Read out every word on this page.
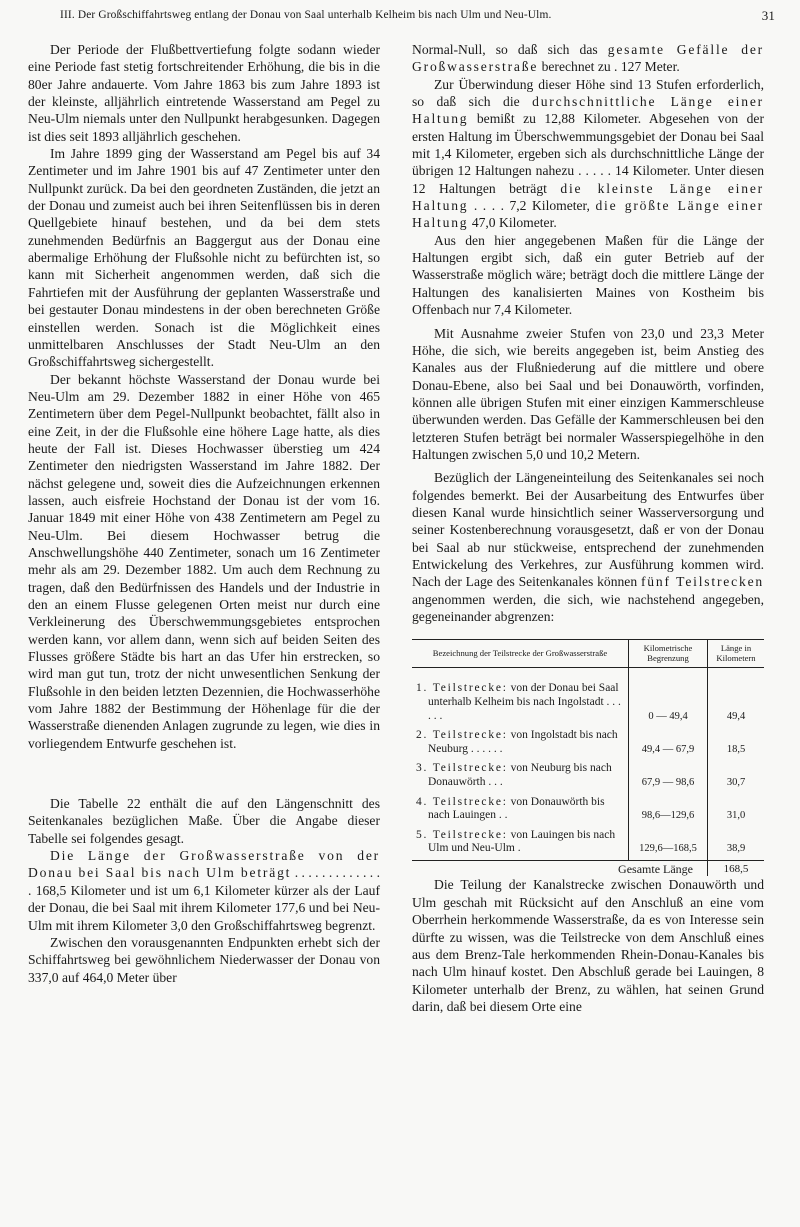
III. Der Großschiffahrtsweg entlang der Donau von Saal unterhalb Kelheim bis nach Ulm und Neu-Ulm.	31

Der Periode der Flußbettvertiefung folgte sodann wieder eine Periode fast stetig fortschreitender Erhöhung, die bis in die 80er Jahre andauerte. Vom Jahre 1863 bis zum Jahre 1893 ist der kleinste, alljährlich eintretende Wasserstand am Pegel zu Neu-Ulm niemals unter den Nullpunkt herabgesunken. Dagegen ist dies seit 1893 alljährlich geschehen.

Im Jahre 1899 ging der Wasserstand am Pegel bis auf 34 Zentimeter und im Jahre 1901 bis auf 47 Zentimeter unter den Nullpunkt zurück. Da bei den geordneten Zuständen, die jetzt an der Donau und zumeist auch bei ihren Seitenflüssen bis in deren Quellgebiete hinauf bestehen, und da bei dem stets zunehmenden Bedürfnis an Baggergut aus der Donau eine abermalige Erhöhung der Flußsohle nicht zu befürchten ist, so kann mit Sicherheit angenommen werden, daß sich die Fahrtiefen mit der Ausführung der geplanten Wasserstraße und bei gestauter Donau mindestens in der oben berechneten Größe einstellen werden. Sonach ist die Möglichkeit eines unmittelbaren Anschlusses der Stadt Neu-Ulm an den Großschiffahrtsweg sichergestellt.

Der bekannt höchste Wasserstand der Donau wurde bei Neu-Ulm am 29. Dezember 1882 in einer Höhe von 465 Zentimetern über dem Pegel-Nullpunkt beobachtet, fällt also in eine Zeit, in der die Flußsohle eine höhere Lage hatte, als dies heute der Fall ist. Dieses Hochwasser überstieg um 424 Zentimeter den niedrigsten Wasserstand im Jahre 1882. Der nächst gelegene und, soweit dies die Aufzeichnungen erkennen lassen, auch eisfreie Hochstand der Donau ist der vom 16. Januar 1849 mit einer Höhe von 438 Zentimetern am Pegel zu Neu-Ulm. Bei diesem Hochwasser betrug die Anschwellungshöhe 440 Zentimeter, sonach um 16 Zentimeter mehr als am 29. Dezember 1882. Um auch dem Rechnung zu tragen, daß den Bedürfnissen des Handels und der Industrie in den an einem Flusse gelegenen Orten meist nur durch eine Verkleinerung des Überschwemmungsgebietes entsprochen werden kann, vor allem dann, wenn sich auf beiden Seiten des Flusses größere Städte bis hart an das Ufer hin erstrecken, so wird man gut tun, trotz der nicht unwesentlichen Senkung der Flußsohle in den beiden letzten Dezennien, die Hochwasserhöhe vom Jahre 1882 der Bestimmung der Höhenlage für die der Wasserstraße dienenden Anlagen zugrunde zu legen, wie dies in vorliegendem Entwurfe geschehen ist.

Die Tabelle 22 enthält die auf den Längenschnitt des Seitenkanales bezüglichen Maße. Über die Angabe dieser Tabelle sei folgendes gesagt.

Die Länge der Großwasserstraße von der Donau bei Saal bis nach Ulm beträgt . . . . . . . . . . . . . . 168,5 Kilometer und ist um 6,1 Kilometer kürzer als der Lauf der Donau, die bei Saal mit ihrem Kilometer 177,6 und bei Neu-Ulm mit ihrem Kilometer 3,0 den Großschiffahrtsweg begrenzt.

Zwischen den vorausgenannten Endpunkten erhebt sich der Schiffahrtsweg bei gewöhnlichem Niederwasser der Donau von 337,0 auf 464,0 Meter über

Normal-Null, so daß sich das gesamte Gefälle der Großwasserstraße berechnet zu . 127 Meter.

Zur Überwindung dieser Höhe sind 13 Stufen erforderlich, so daß sich die durchschnittliche Länge einer Haltung bemißt zu 12,88 Kilometer. Abgesehen von der ersten Haltung im Überschwemmungsgebiet der Donau bei Saal mit 1,4 Kilometer, ergeben sich als durchschnittliche Länge der übrigen 12 Haltungen nahezu . . . . . 14 Kilometer. Unter diesen 12 Haltungen beträgt die kleinste Länge einer Haltung . . . . 7,2 Kilometer, die größte Länge einer Haltung 47,0 Kilometer.

Aus den hier angegebenen Maßen für die Länge der Haltungen ergibt sich, daß ein guter Betrieb auf der Wasserstraße möglich wäre; beträgt doch die mittlere Länge der Haltungen des kanalisierten Maines von Kostheim bis Offenbach nur 7,4 Kilometer.

Mit Ausnahme zweier Stufen von 23,0 und 23,3 Meter Höhe, die sich, wie bereits angegeben ist, beim Anstieg des Kanales aus der Flußniederung auf die mittlere und obere Donau-Ebene, also bei Saal und bei Donauwörth, vorfinden, können alle übrigen Stufen mit einer einzigen Kammerschleuse überwunden werden. Das Gefälle der Kammerschleusen bei den letzteren Stufen beträgt bei normaler Wasserspiegelhöhe in den Haltungen zwischen 5,0 und 10,2 Metern.

Bezüglich der Längeneinteilung des Seitenkanales sei noch folgendes bemerkt. Bei der Ausarbeitung des Entwurfes über diesen Kanal wurde hinsichtlich seiner Wasserversorgung und seiner Kostenberechnung vorausgesetzt, daß er von der Donau bei Saal ab nur stückweise, entsprechend der zunehmenden Entwickelung des Verkehres, zur Ausführung kommen wird. Nach der Lage des Seitenkanales können fünf Teilstrecken angenommen werden, die sich, wie nachstehend angegeben, gegeneinander abgrenzen:

Bezeichnung der Teilstrecke der Großwasserstraße	Kilometrische Begrenzung	Länge in Kilometern
1. Teilstrecke: von der Donau bei Saal unterhalb Kelheim bis nach Ingolstadt . . . . . .	0 — 49,4	49,4
2. Teilstrecke: von Ingolstadt bis nach Neuburg . . . . . .	49,4 — 67,9	18,5
3. Teilstrecke: von Neuburg bis nach Donauwörth . . .	67,9 — 98,6	30,7
4. Teilstrecke: von Donauwörth bis nach Lauingen . .	98,6—129,6	31,0
5. Teilstrecke: von Lauingen bis nach Ulm und Neu-Ulm .	129,6—168,5	38,9
Gesamte Länge		168,5

Die Teilung der Kanalstrecke zwischen Donauwörth und Ulm geschah mit Rücksicht auf den Anschluß an eine vom Oberrhein herkommende Wasserstraße, da es von Interesse sein dürfte zu wissen, was die Teilstrecke von dem Anschluß eines aus dem Brenz-Tale herkommenden Rhein-Donau-Kanales bis nach Ulm hinauf kostet. Den Abschluß gerade bei Lauingen, 8 Kilometer unterhalb der Brenz, zu wählen, hat seinen Grund darin, daß bei diesem Orte eine
